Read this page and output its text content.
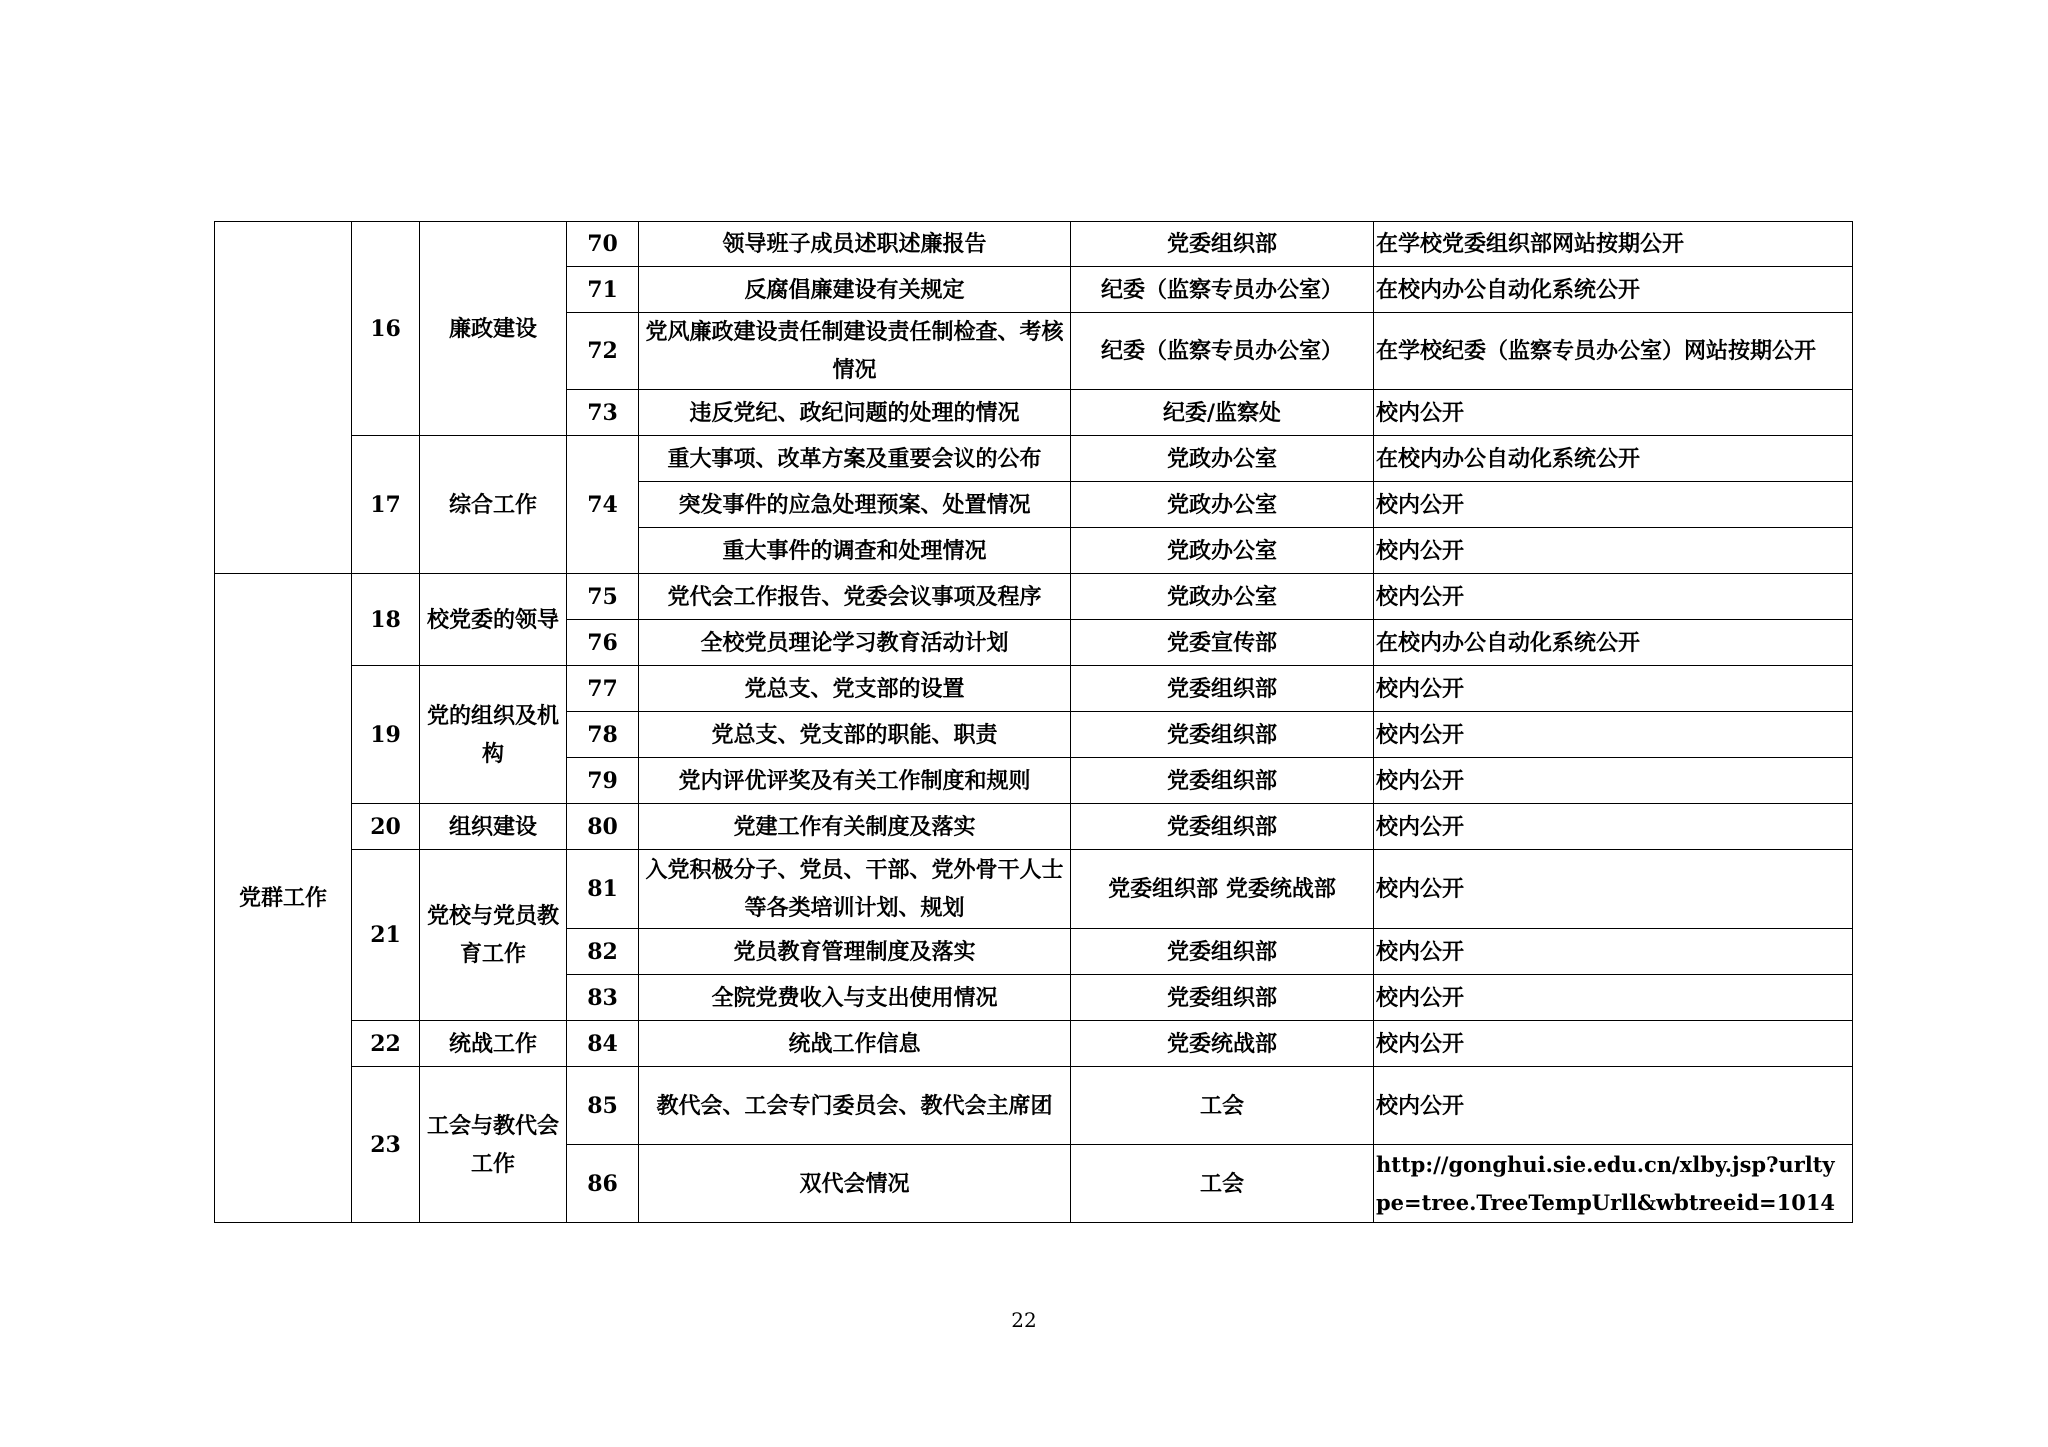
	16	廉政建设	70	领导班子成员述职述廉报告	党委组织部	在学校党委组织部网站按期公开
			71	反腐倡廉建设有关规定	纪委（监察专员办公室）	在校内办公自动化系统公开
			72	党风廉政建设责任制建设责任制检查、考核情况	纪委（监察专员办公室）	在学校纪委（监察专员办公室）网站按期公开
			73	违反党纪、政纪问题的处理的情况	纪委/监察处	校内公开
	17	综合工作	74	重大事项、改革方案及重要会议的公布	党政办公室	在校内办公自动化系统公开
				突发事件的应急处理预案、处置情况	党政办公室	校内公开
				重大事件的调查和处理情况	党政办公室	校内公开
党群工作	18	校党委的领导	75	党代会工作报告、党委会议事项及程序	党政办公室	校内公开
			76	全校党员理论学习教育活动计划	党委宣传部	在校内办公自动化系统公开
	19	党的组织及机构	77	党总支、党支部的设置	党委组织部	校内公开
			78	党总支、党支部的职能、职责	党委组织部	校内公开
			79	党内评优评奖及有关工作制度和规则	党委组织部	校内公开
	20	组织建设	80	党建工作有关制度及落实	党委组织部	校内公开
	21	党校与党员教育工作	81	入党积极分子、党员、干部、党外骨干人士等各类培训计划、规划	党委组织部 党委统战部	校内公开
			82	党员教育管理制度及落实	党委组织部	校内公开
			83	全院党费收入与支出使用情况	党委组织部	校内公开
	22	统战工作	84	统战工作信息	党委统战部	校内公开
	23	工会与教代会工作	85	教代会、工会专门委员会、教代会主席团	工会	校内公开
			86	双代会情况	工会	http://gonghui.sie.edu.cn/xlby.jsp?urltype=tree.TreeTempUrll&wbtreeid=1014
22
